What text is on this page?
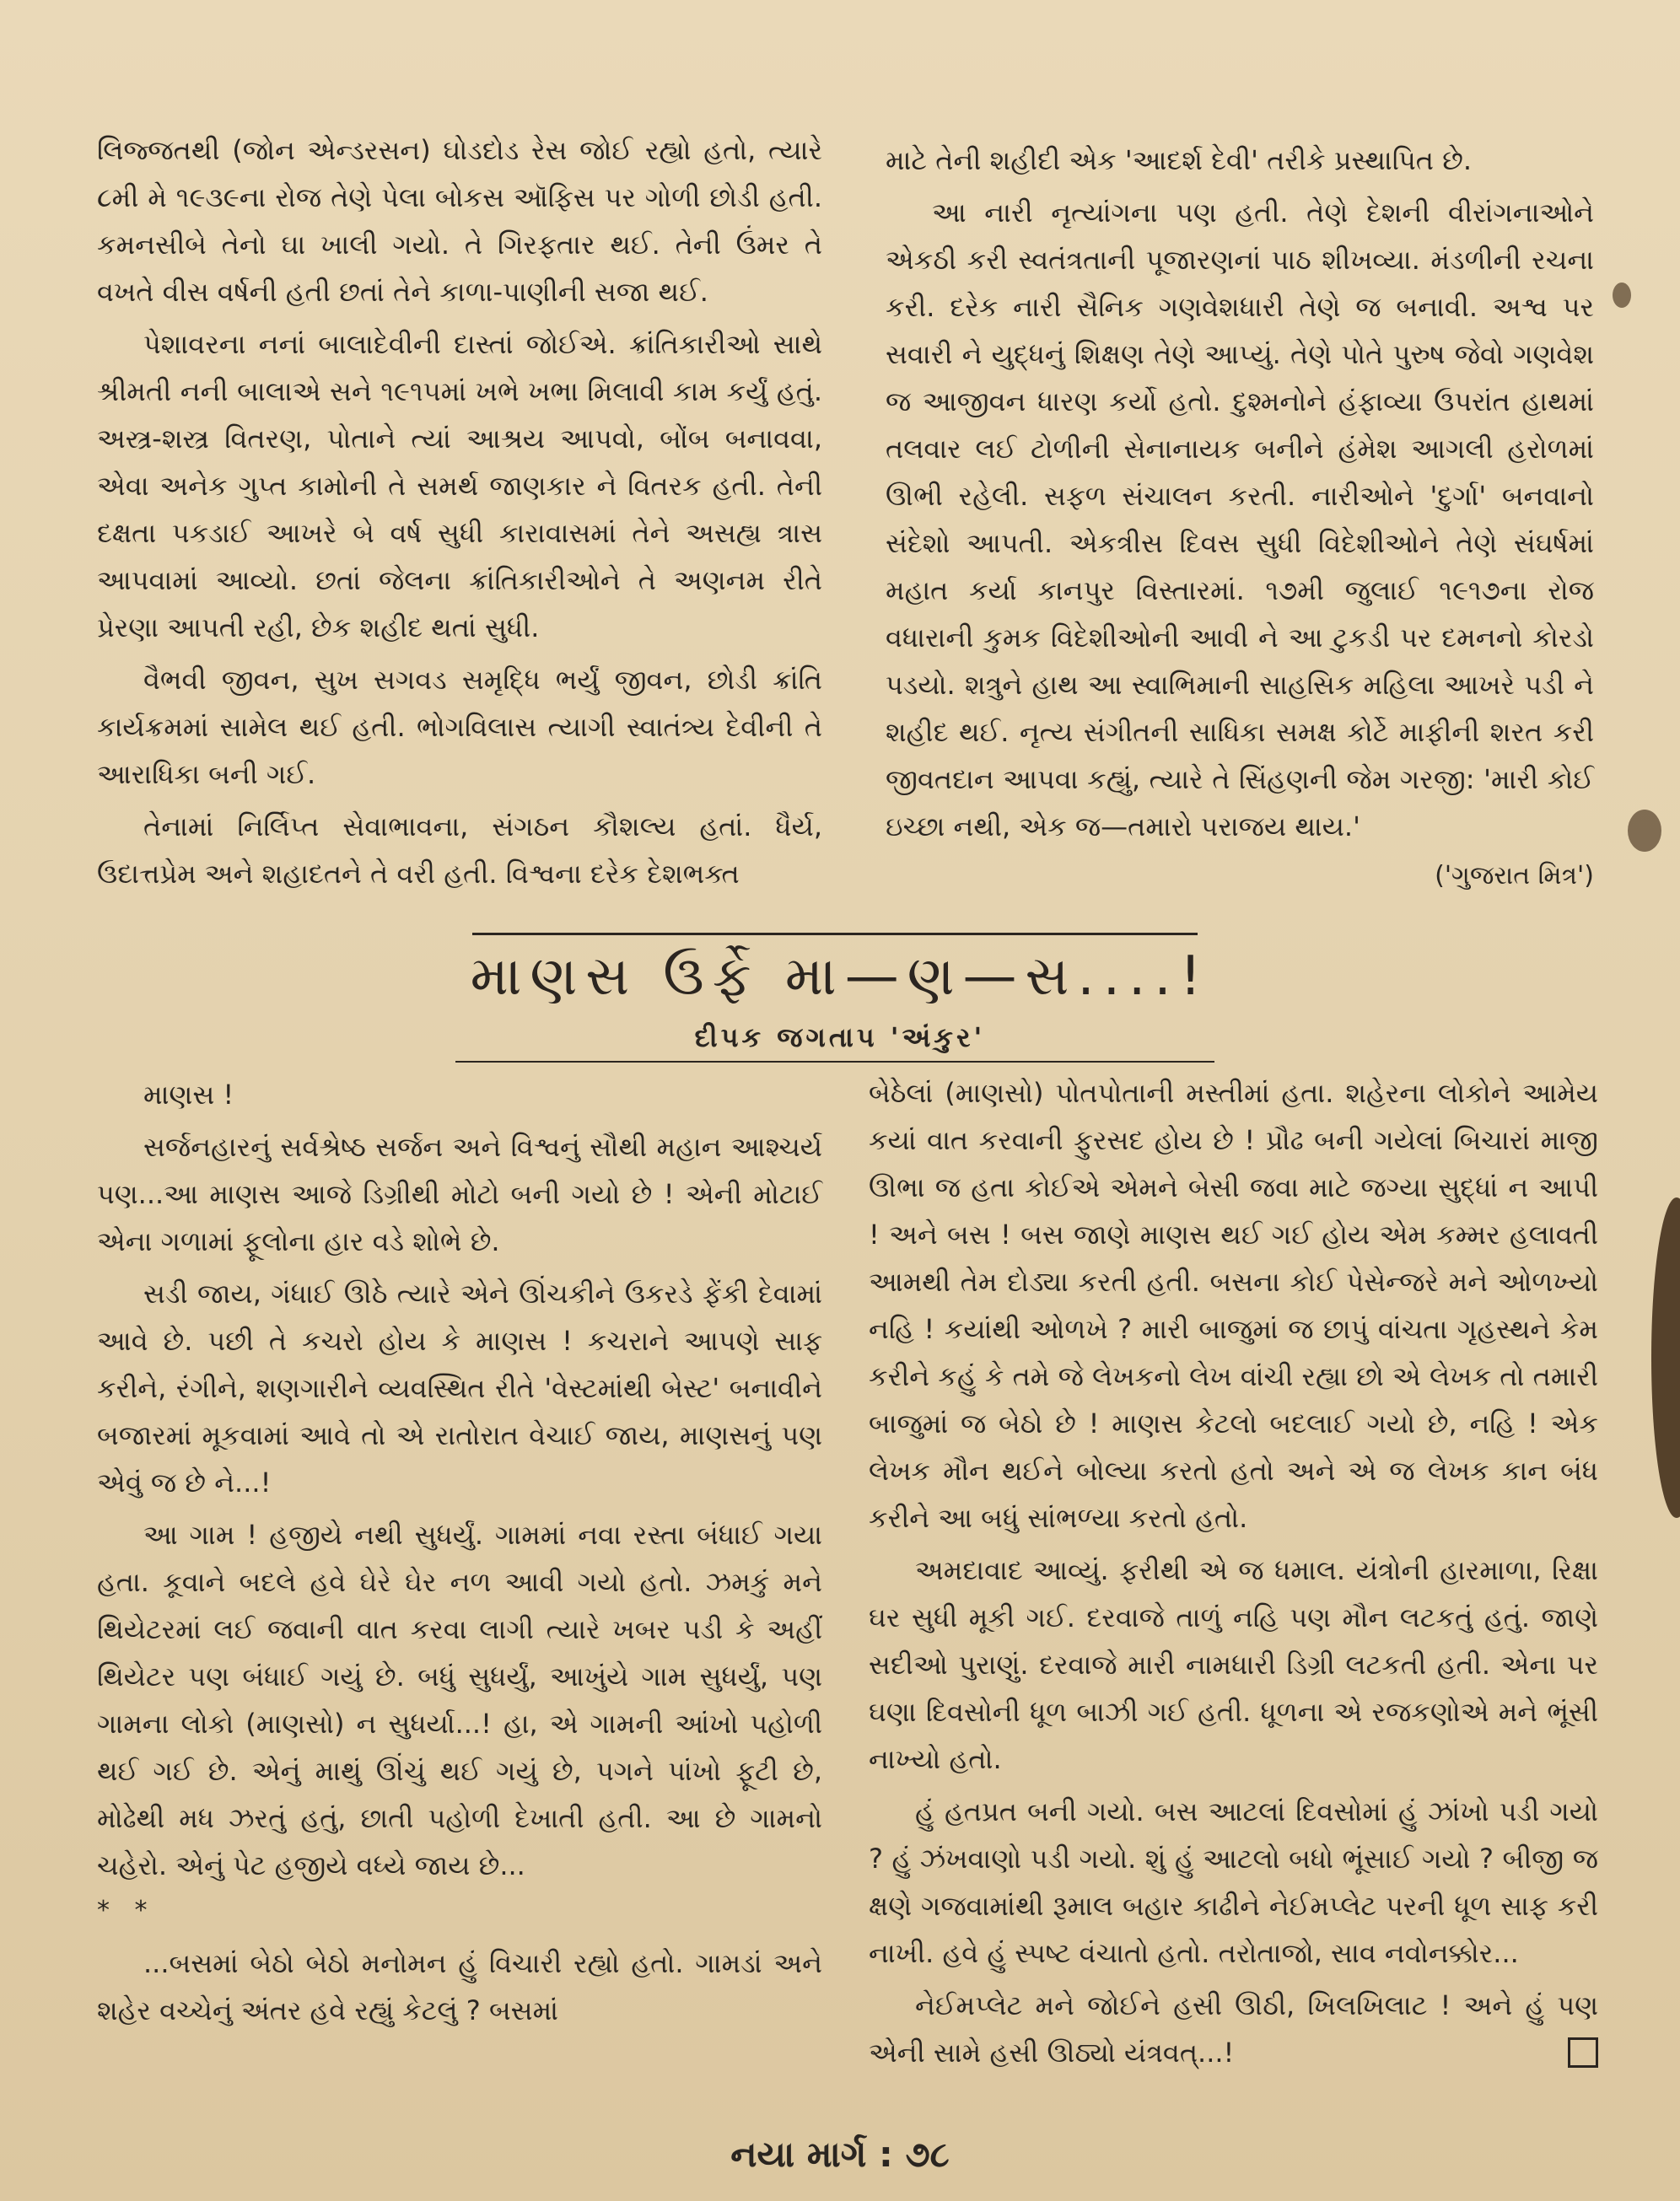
લિજ્જતથી (જોન એન્ડરસન) ઘોડદોડ રેસ જોઈ રહ્યો હતો, ત્યારે ૮મી મે ૧૯૩૯ના રોજ તેણે પેલા બોકસ ઑફિસ પર ગોળી છોડી હતી. કમનસીબે તેનો ઘા ખાલી ગયો. તે ગિરફતાર થઈ. તેની ઉંમર તે વખતે વીસ વર્ષની હતી છતાં તેને કાળા-પાણીની સજા થઈ.

પેશાવરના નનાં બાલાદેવીની દાસ્તાં જોઈએ. ક્રાંતિકારીઓ સાથે શ્રીમતી નની બાલાએ સને ૧૯૧૫માં ખભે ખભા મિલાવી કામ કર્યું હતું. અસ્ત્ર-શસ્ત્ર વિતરણ, પોતાને ત્યાં આશ્રય આપવો, બોંબ બનાવવા, એવા અનેક ગુપ્ત કામોની તે સમર્થ જાણકાર ને વિતરક હતી. તેની દક્ષતા પકડાઈ આખરે બે વર્ષ સુધી કારાવાસમાં તેને અસહ્ય ત્રાસ આપવામાં આવ્યો. છતાં જેલના ક્રાંતિકારીઓને તે અણનમ રીતે પ્રેરણા આપતી રહી, છેક શહીદ થતાં સુધી.

વૈભવી જીવન, સુખ સગવડ સમૃદ્ધિ ભર્યું જીવન, છોડી ક્રાંતિ કાર્યક્રમમાં સામેલ થઈ હતી. ભોગવિલાસ ત્યાગી સ્વાતંત્ર્ય દેવીની તે આરાધિકા બની ગઈ.

તેનામાં નિર્લિપ્ત સેવાભાવના, સંગઠન કૌશલ્ય હતાં. ધૈર્ય, ઉદાત્તપ્રેમ અને શહાદતને તે વરી હતી. વિશ્વના દરેક દેશભક્ત

માટે તેની શહીદી એક 'આદર્શ દેવી' તરીકે પ્રસ્થાપિત છે.

આ નારી નૃત્યાંગના પણ હતી. તેણે દેશની વીરાંગનાઓને એકઠી કરી સ્વતંત્રતાની પૂજારણનાં પાઠ શીખવ્યા. મંડળીની રચના કરી. દરેક નારી સૈનિક ગણવેશધારી તેણે જ બનાવી. અશ્વ પર સવારી ને યુદ્ધનું શિક્ષણ તેણે આપ્યું. તેણે પોતે પુરુષ જેવો ગણવેશ જ આજીવન ધારણ કર્યો હતો. દુશ્મનોને હંફાવ્યા ઉપરાંત હાથમાં તલવાર લઈ ટોળીની સેનાનાયક બનીને હંમેશ આગલી હરોળમાં ઊભી રહેલી. સફળ સંચાલન કરતી. નારીઓને 'દુર્ગા' બનવાનો સંદેશો આપતી. એકત્રીસ દિવસ સુધી વિદેશીઓને તેણે સંઘર્ષમાં મહાત કર્યા કાનપુર વિસ્તારમાં. ૧૭મી જુલાઈ ૧૯૧૭ના રોજ વધારાની કુમક વિદેશીઓની આવી ને આ ટુકડી પર દમનનો કોરડો પડયો. શત્રુને હાથ આ સ્વાભિમાની સાહસિક મહિલા આખરે પડી ને શહીદ થઈ. નૃત્ય સંગીતની સાધિકા સમક્ષ કોર્ટે માફીની શરત કરી જીવતદાન આપવા કહ્યું, ત્યારે તે સિંહણની જેમ ગરજી: 'મારી કોઈ ઇચ્છા નથી, એક જ—તમારો પરાજય થાય.'

('ગુજરાત મિત્ર')
માણસ ઉર્ફે મા—ણ—સ....!
દીપક જગતાપ 'અંકુર'

માણસ !

સર્જનહારનું સર્વશ્રેષ્ઠ સર્જન અને વિશ્વનું સૌથી મહાન આશ્ચર્ય પણ...આ માણસ આજે ડિગ્રીથી મોટો બની ગયો છે ! એની મોટાઈ એના ગળામાં ફૂલોના હાર વડે શોભે છે.

સડી જાય, ગંધાઈ ઊઠે ત્યારે એને ઊંચકીને ઉકરડે ફેંકી દેવામાં આવે છે. પછી તે કચરો હોય કે માણસ ! કચરાને આપણે સાફ કરીને, રંગીને, શણગારીને વ્યવસ્થિત રીતે 'વેસ્ટમાંથી બેસ્ટ' બનાવીને બજારમાં મૂકવામાં આવે તો એ રાતોરાત વેચાઈ જાય, માણસનું પણ એવું જ છે ને...!

આ ગામ ! હજીયે નથી સુધર્યું. ગામમાં નવા રસ્તા બંધાઈ ગયા હતા. કૂવાને બદલે હવે ઘેરે ઘેર નળ આવી ગયો હતો. ઝમકું મને થિયેટરમાં લઈ જવાની વાત કરવા લાગી ત્યારે ખબર પડી કે અહીં થિયેટર પણ બંધાઈ ગયું છે. બધું સુધર્યું, આખુંયે ગામ સુધર્યું, પણ ગામના લોકો (માણસો) ન સુધર્યા...! હા, એ ગામની આંખો પહોળી થઈ ગઈ છે. એનું માથું ઊંચું થઈ ગયું છે, પગને પાંખો ફૂટી છે, મોઢેથી મધ ઝરતું હતું, છાતી પહોળી દેખાતી હતી. આ છે ગામનો ચહેરો. એનું પેટ હજીયે વધ્યે જાય છે...

* *

...બસમાં બેઠો બેઠો મનોમન હું વિચારી રહ્યો હતો. ગામડાં અને શહેર વચ્ચેનું અંતર હવે રહ્યું કેટલું ? બસમાં

બેઠેલાં (માણસો) પોતપોતાની મસ્તીમાં હતા. શહેરના લોકોને આમેય કયાં વાત કરવાની ફુરસદ હોય છે ! પ્રૌઢ બની ગયેલાં બિચારાં માજી ઊભા જ હતા કોઈએ એમને બેસી જવા માટે જગ્યા સુદ્ધાં ન આપી ! અને બસ ! બસ જાણે માણસ થઈ ગઈ હોય એમ કમ્મર હલાવતી આમથી તેમ દોડ્યા કરતી હતી. બસના કોઈ પેસેન્જરે મને ઓળખ્યો નહિ ! કયાંથી ઓળખે ? મારી બાજુમાં જ છાપું વાંચતા ગૃહસ્થને કેમ કરીને કહું કે તમે જે લેખકનો લેખ વાંચી રહ્યા છો એ લેખક તો તમારી બાજુમાં જ બેઠો છે ! માણસ કેટલો બદલાઈ ગયો છે, નહિ ! એક લેખક મૌન થઈને બોલ્યા કરતો હતો અને એ જ લેખક કાન બંધ કરીને આ બધું સાંભળ્યા કરતો હતો.

અમદાવાદ આવ્યું. ફરીથી એ જ ધમાલ. યંત્રોની હારમાળા, રિક્ષા ઘર સુધી મૂકી ગઈ. દરવાજે તાળું નહિ પણ મૌન લટકતું હતું. જાણે સદીઓ પુરાણું. દરવાજે મારી નામધારી ડિગ્રી લટકતી હતી. એના પર ઘણા દિવસોની ધૂળ બાઝી ગઈ હતી. ધૂળના એ રજકણોએ મને ભૂંસી નાખ્યો હતો.

હું હતપ્રત બની ગયો. બસ આટલાં દિવસોમાં હું ઝાંખો પડી ગયો ? હું ઝંખવાણો પડી ગયો. શું હું આટલો બધો ભૂંસાઈ ગયો ? બીજી જ ક્ષણે ગજવામાંથી રૂમાલ બહાર કાઢીને નેઈમપ્લેટ પરની ધૂળ સાફ કરી નાખી. હવે હું સ્પષ્ટ વંચાતો હતો. તરોતાજો, સાવ નવોનક્કોર...

નેઈમપ્લેટ મને જોઈને હસી ઊઠી, ખિલખિલાટ ! અને હું પણ એની સામે હસી ઊઠ્યો યંત્રવત્...!

નયા માર્ગ : ૭૮
